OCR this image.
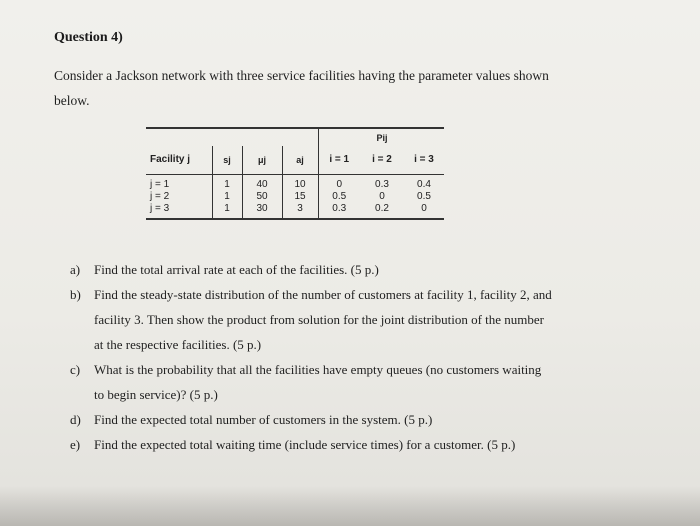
Question 4)
Consider a Jackson network with three service facilities having the parameter values shown
below.
					Pij	
Facility j	sj	μj	aj	i = 1	i = 2	i = 3
j = 1	1	40	10	0	0.3	0.4
j = 2	1	50	15	0.5	0	0.5
j = 3	1	30	3	0.3	0.2	0
a)	Find the total arrival rate at each of the facilities. (5 p.)
b)	Find the steady-state distribution of the number of customers at facility 1, facility 2, and
facility 3. Then show the product from solution for the joint distribution of the number
at the respective facilities. (5 p.)
c)	What is the probability that all the facilities have empty queues (no customers waiting
to begin service)? (5 p.)
d)	Find the expected total number of customers in the system. (5 p.)
e)	Find the expected total waiting time (include service times) for a customer. (5 p.)
